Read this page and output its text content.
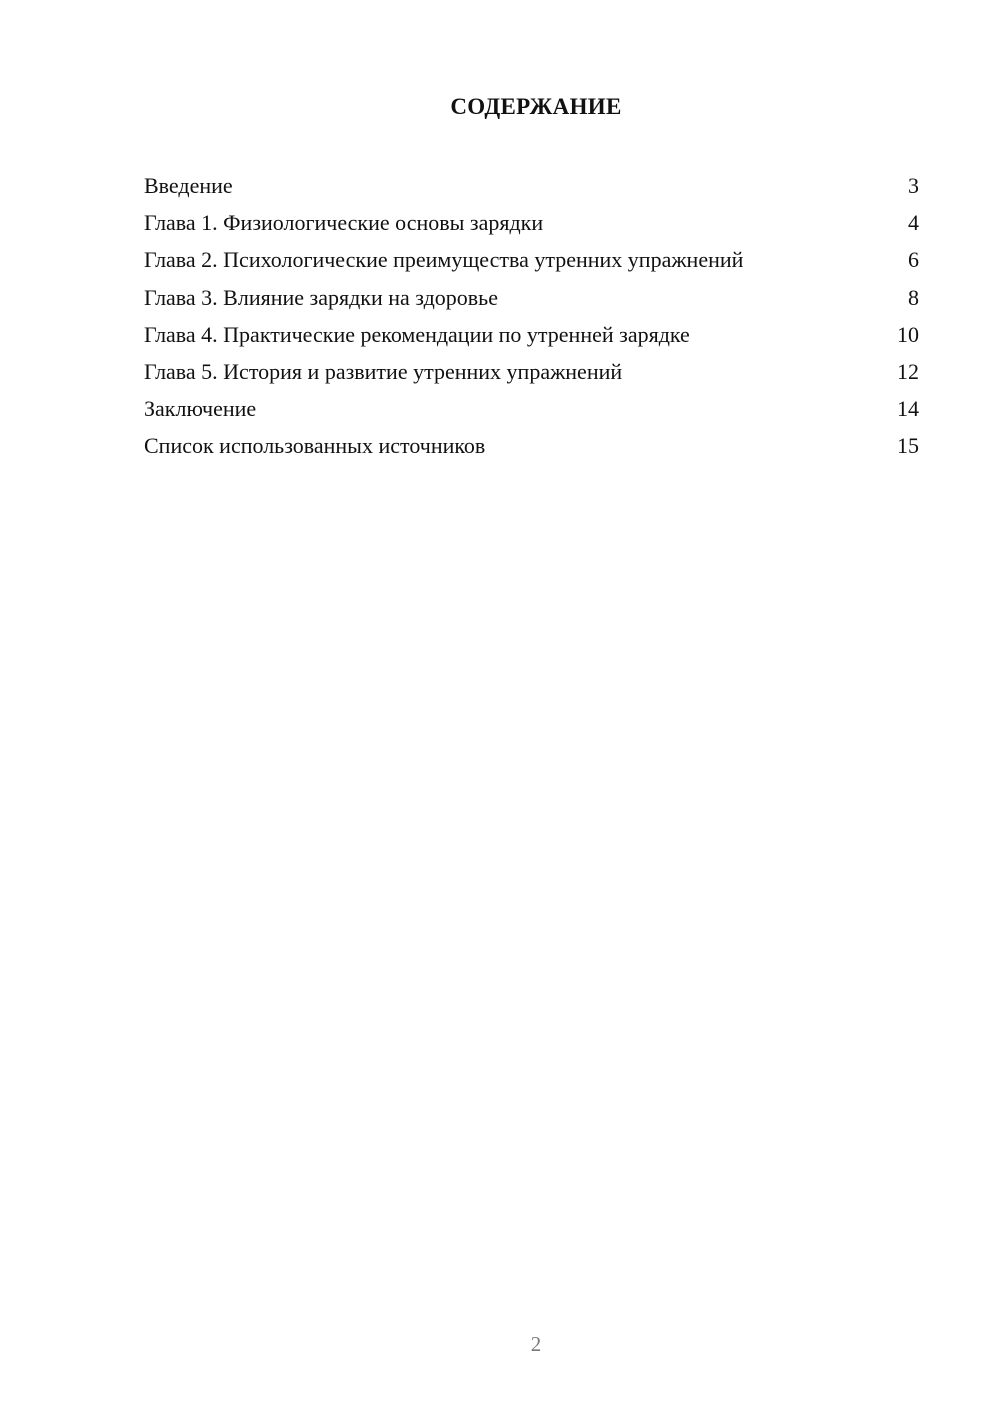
СОДЕРЖАНИЕ
Введение	3
Глава 1. Физиологические основы зарядки	4
Глава 2. Психологические преимущества утренних упражнений	6
Глава 3. Влияние зарядки на здоровье	8
Глава 4. Практические рекомендации по утренней зарядке	10
Глава 5. История и развитие утренних упражнений	12
Заключение	14
Список использованных источников	15
2
